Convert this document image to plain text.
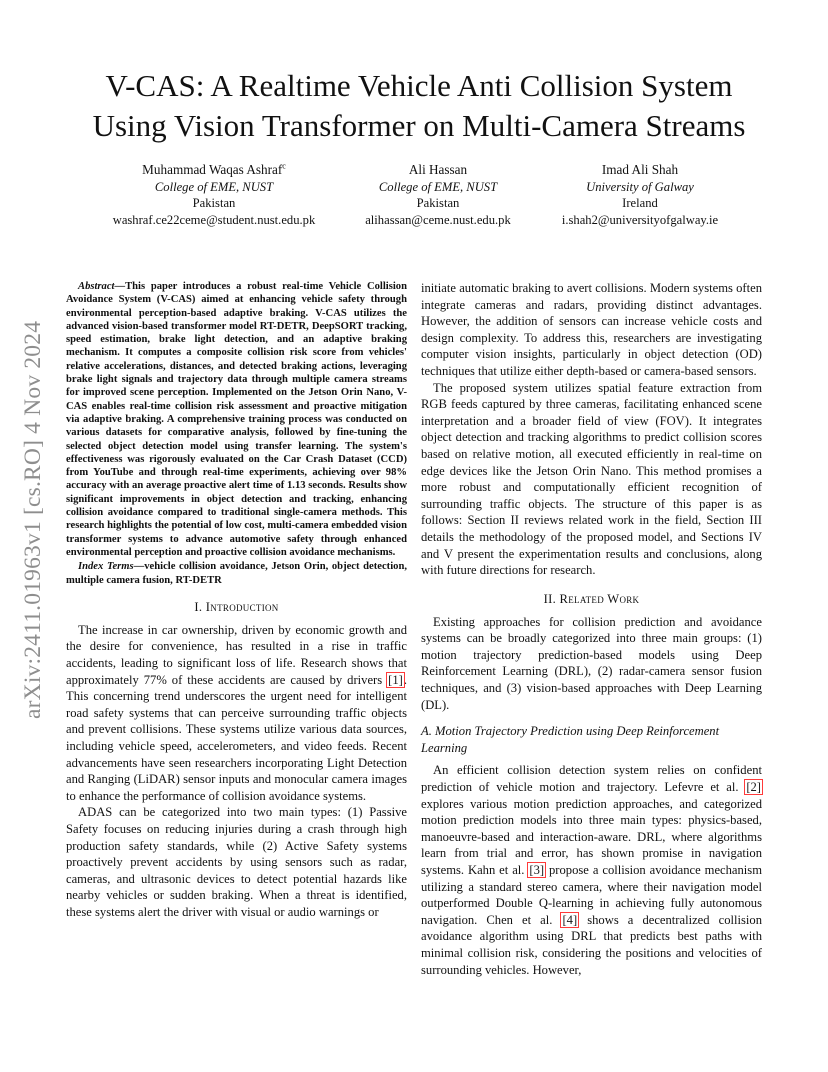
arXiv:2411.01963v1 [cs.RO] 4 Nov 2024
V-CAS: A Realtime Vehicle Anti Collision System
Using Vision Transformer on Multi-Camera Streams
Muhammad Waqas Ashraf$^c$
College of EME, NUST
Pakistan
washraf.ce22ceme@student.nust.edu.pk
Ali Hassan
College of EME, NUST
Pakistan
alihassan@ceme.nust.edu.pk
Imad Ali Shah
University of Galway
Ireland
i.shah2@universityofgalway.ie

Abstract—This paper introduces a robust real-time Vehicle Collision Avoidance System (V-CAS) aimed at enhancing vehicle safety through environmental perception-based adaptive braking. V-CAS utilizes the advanced vision-based transformer model RT-DETR, DeepSORT tracking, speed estimation, brake light detection, and an adaptive braking mechanism. It computes a composite collision risk score from vehicles' relative accelerations, distances, and detected braking actions, leveraging brake light signals and trajectory data through multiple camera streams for improved scene perception. Implemented on the Jetson Orin Nano, V-CAS enables real-time collision risk assessment and proactive mitigation via adaptive braking. A comprehensive training process was conducted on various datasets for comparative analysis, followed by fine-tuning the selected object detection model using transfer learning. The system's effectiveness was rigorously evaluated on the Car Crash Dataset (CCD) from YouTube and through real-time experiments, achieving over 98% accuracy with an average proactive alert time of 1.13 seconds. Results show significant improvements in object detection and tracking, enhancing collision avoidance compared to traditional single-camera methods. This research highlights the potential of low cost, multi-camera embedded vision transformer systems to advance automotive safety through enhanced environmental perception and proactive collision avoidance mechanisms.

Index Terms—vehicle collision avoidance, Jetson Orin, object detection, multiple camera fusion, RT-DETR

I. Introduction

The increase in car ownership, driven by economic growth and the desire for convenience, has resulted in a rise in traffic accidents, leading to significant loss of life. Research shows that approximately 77% of these accidents are caused by drivers [1]. This concerning trend underscores the urgent need for intelligent road safety systems that can perceive surrounding traffic objects and prevent collisions. These systems utilize various data sources, including vehicle speed, accelerometers, and video feeds. Recent advancements have seen researchers incorporating Light Detection and Ranging (LiDAR) sensor inputs and monocular camera images to enhance the performance of collision avoidance systems.

ADAS can be categorized into two main types: (1) Passive Safety focuses on reducing injuries during a crash through high production safety standards, while (2) Active Safety systems proactively prevent accidents by using sensors such as radar, cameras, and ultrasonic devices to detect potential hazards like nearby vehicles or sudden braking. When a threat is identified, these systems alert the driver with visual or audio warnings or

initiate automatic braking to avert collisions. Modern systems often integrate cameras and radars, providing distinct advantages. However, the addition of sensors can increase vehicle costs and design complexity. To address this, researchers are investigating computer vision insights, particularly in object detection (OD) techniques that utilize either depth-based or camera-based sensors.

The proposed system utilizes spatial feature extraction from RGB feeds captured by three cameras, facilitating enhanced scene interpretation and a broader field of view (FOV). It integrates object detection and tracking algorithms to predict collision scores based on relative motion, all executed efficiently in real-time on edge devices like the Jetson Orin Nano. This method promises a more robust and computationally efficient recognition of surrounding traffic objects. The structure of this paper is as follows: Section II reviews related work in the field, Section III details the methodology of the proposed model, and Sections IV and V present the experimentation results and conclusions, along with future directions for research.

II. Related Work

Existing approaches for collision prediction and avoidance systems can be broadly categorized into three main groups: (1) motion trajectory prediction-based models using Deep Reinforcement Learning (DRL), (2) radar-camera sensor fusion techniques, and (3) vision-based approaches with Deep Learning (DL).

A. Motion Trajectory Prediction using Deep Reinforcement Learning

An efficient collision detection system relies on confident prediction of vehicle motion and trajectory. Lefevre et al. [2] explores various motion prediction approaches, and categorized motion prediction models into three main types: physics-based, manoeuvre-based and interaction-aware. DRL, where algorithms learn from trial and error, has shown promise in navigation systems. Kahn et al. [3] propose a collision avoidance mechanism utilizing a standard stereo camera, where their navigation model outperformed Double Q-learning in achieving fully autonomous navigation. Chen et al. [4] shows a decentralized collision avoidance algorithm using DRL that predicts best paths with minimal collision risk, considering the positions and velocities of surrounding vehicles. However,
